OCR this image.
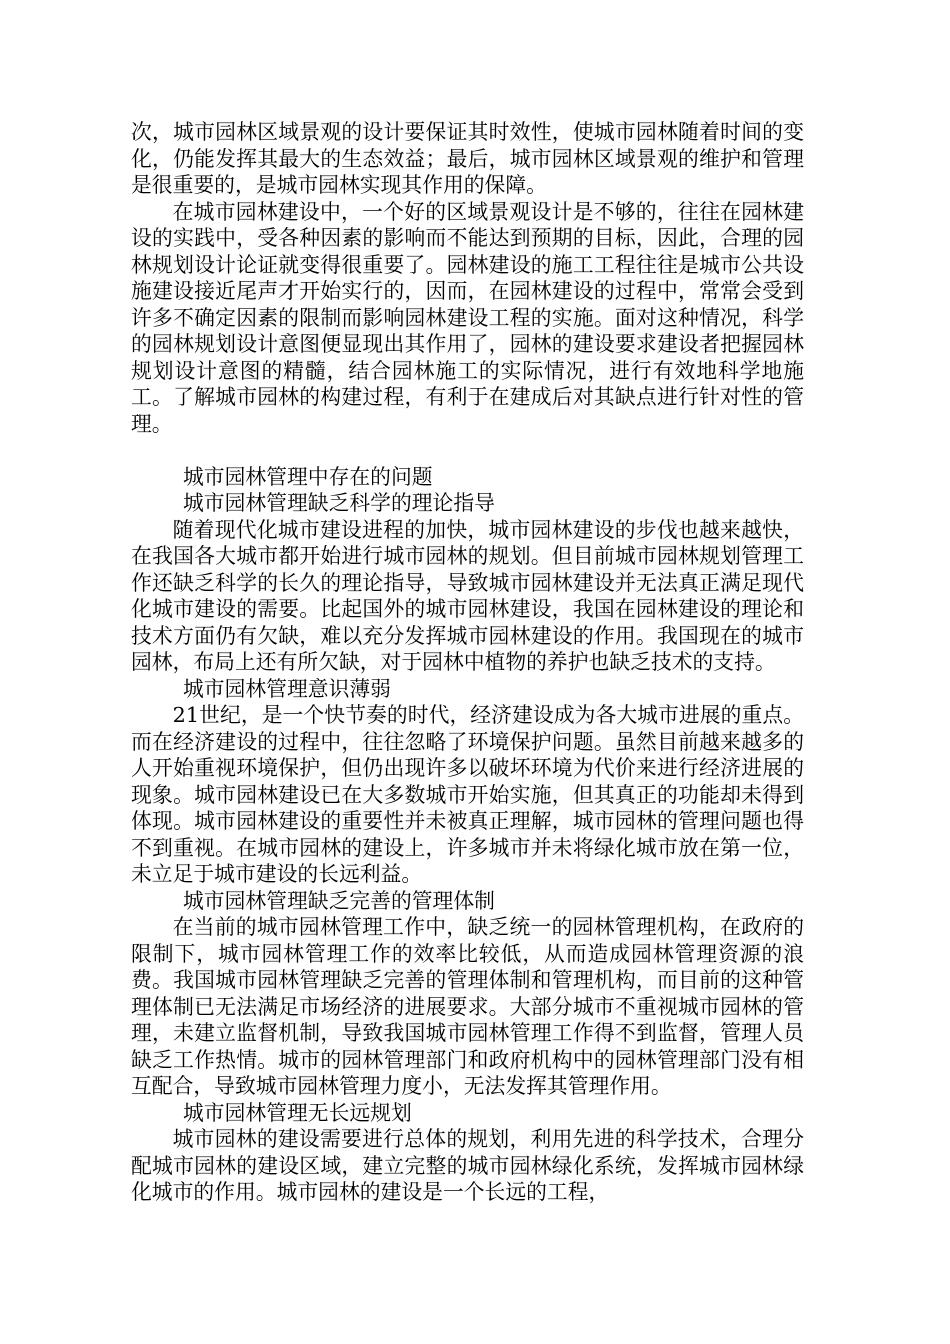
次，城市园林区域景观的设计要保证其时效性，使城市园林随着时间的变化，仍能发挥其最大的生态效益；最后，城市园林区域景观的维护和管理是很重要的，是城市园林实现其作用的保障。

在城市园林建设中，一个好的区域景观设计是不够的，往往在园林建设的实践中，受各种因素的影响而不能达到预期的目标，因此，合理的园林规划设计论证就变得很重要了。园林建设的施工工程往往是城市公共设施建设接近尾声才开始实行的，因而，在园林建设的过程中，常常会受到许多不确定因素的限制而影响园林建设工程的实施。面对这种情况，科学的园林规划设计意图便显现出其作用了，园林的建设要求建设者把握园林规划设计意图的精髓，结合园林施工的实际情况，进行有效地科学地施工。了解城市园林的构建过程，有利于在建成后对其缺点进行针对性的管理。

城市园林管理中存在的问题

城市园林管理缺乏科学的理论指导

随着现代化城市建设进程的加快，城市园林建设的步伐也越来越快，在我国各大城市都开始进行城市园林的规划。但目前城市园林规划管理工作还缺乏科学的长久的理论指导，导致城市园林建设并无法真正满足现代化城市建设的需要。比起国外的城市园林建设，我国在园林建设的理论和技术方面仍有欠缺，难以充分发挥城市园林建设的作用。我国现在的城市园林，布局上还有所欠缺，对于园林中植物的养护也缺乏技术的支持。

城市园林管理意识薄弱

21世纪，是一个快节奏的时代，经济建设成为各大城市进展的重点。而在经济建设的过程中，往往忽略了环境保护问题。虽然目前越来越多的人开始重视环境保护，但仍出现许多以破坏环境为代价来进行经济进展的现象。城市园林建设已在大多数城市开始实施，但其真正的功能却未得到体现。城市园林建设的重要性并未被真正理解，城市园林的管理问题也得不到重视。在城市园林的建设上，许多城市并未将绿化城市放在第一位，未立足于城市建设的长远利益。

城市园林管理缺乏完善的管理体制

在当前的城市园林管理工作中，缺乏统一的园林管理机构，在政府的限制下，城市园林管理工作的效率比较低，从而造成园林管理资源的浪费。我国城市园林管理缺乏完善的管理体制和管理机构，而目前的这种管理体制已无法满足市场经济的进展要求。大部分城市不重视城市园林的管理，未建立监督机制，导致我国城市园林管理工作得不到监督，管理人员缺乏工作热情。城市的园林管理部门和政府机构中的园林管理部门没有相互配合，导致城市园林管理力度小，无法发挥其管理作用。

城市园林管理无长远规划

城市园林的建设需要进行总体的规划，利用先进的科学技术，合理分配城市园林的建设区域，建立完整的城市园林绿化系统，发挥城市园林绿化城市的作用。城市园林的建设是一个长远的工程，
